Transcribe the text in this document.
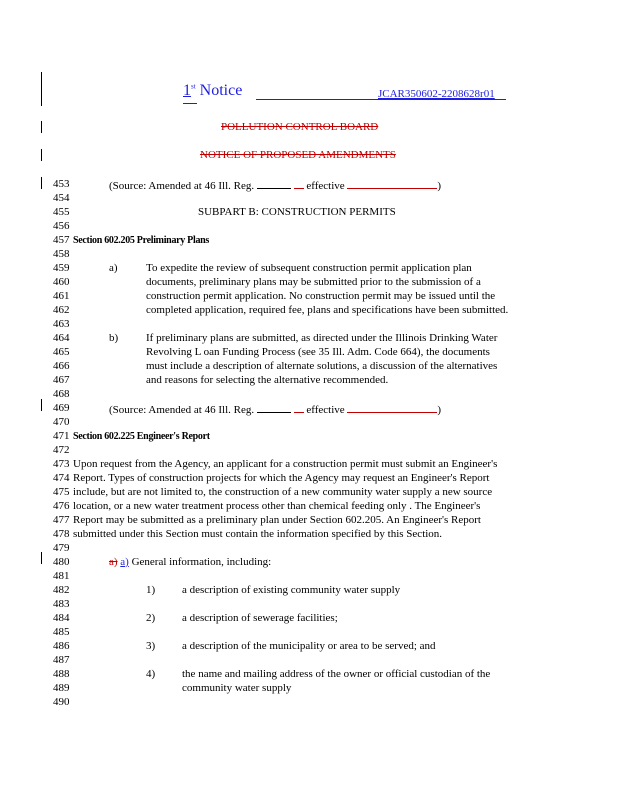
1st Notice	JCAR350602-2208628r01
POLLUTION CONTROL BOARD
NOTICE OF PROPOSED AMENDMENTS
453
454
455
456
457
458
459
460
461
462
463
464
465
466
467
468
469
470
471
472
473
474
475
476
477
478
479
480
481
482
483
484
485
486
487
488
489
490
(Source: Amended at 46 Ill. Reg.	effective	)
SUBPART B: CONSTRUCTION PERMITS
Section 602.205 Preliminary Plans
a)	To expedite the review of subsequent construction permit application plan
documents, preliminary plans may be submitted prior to the submission of a
construction permit application. No construction permit may be issued until the
completed application, required fee, plans and specifications have been submitted.
b)	If preliminary plans are submitted, as directed under the Illinois Drinking Water
Revolving L oan Funding Process (see 35 Ill. Adm. Code 664), the documents
must include a description of alternate solutions, a discussion of the alternatives
and reasons for selecting the alternative recommended.
(Source: Amended at 46 Ill. Reg.	effective	)
Section 602.225 Engineer's Report
Upon request from the Agency, an applicant for a construction permit must submit an Engineer's
Report. Types of construction projects for which the Agency may request an Engineer's Report
include, but are not limited to, the construction of a new community water supply a new source
location, or a new water treatment process other than chemical feeding only . The Engineer's
Report may be submitted as a preliminary plan under Section 602.205. An Engineer's Report
submitted under this Section must contain the information specified by this Section.
a) a) General information, including:
1) a description of existing community water supply
2) a description of sewerage facilities;
3) a description of the municipality or area to be served; and
4) the name and mailing address of the owner or official custodian of the
community water supply
